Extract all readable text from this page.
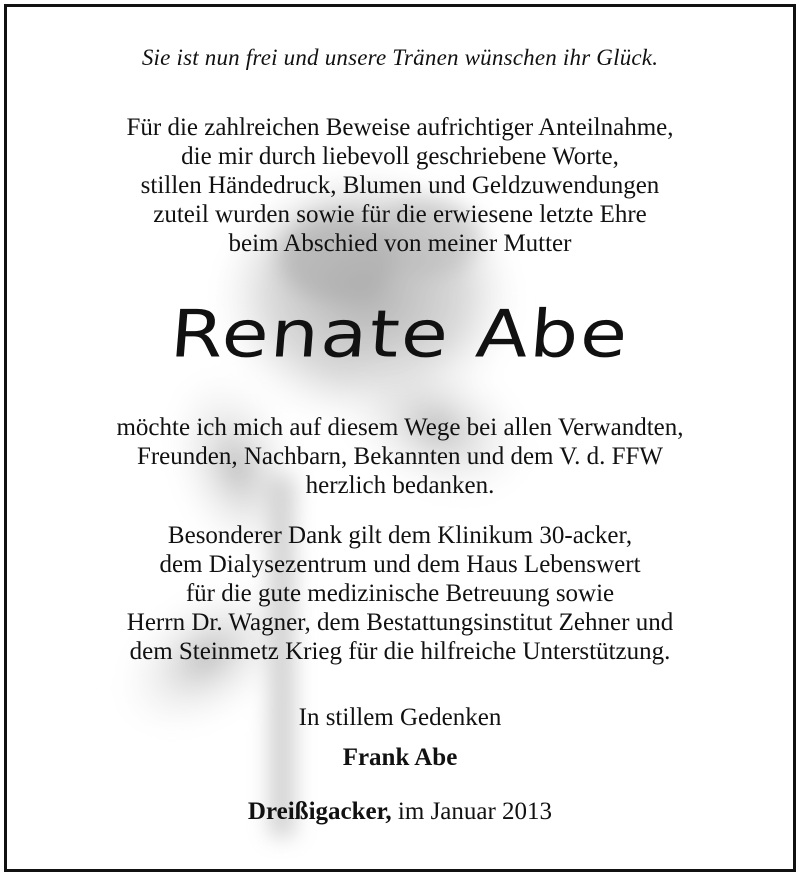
Sie ist nun frei und unsere Tränen wünschen ihr Glück.
Für die zahlreichen Beweise aufrichtiger Anteilnahme,
die mir durch liebevoll geschriebene Worte,
stillen Händedruck, Blumen und Geldzuwendungen
zuteil wurden sowie für die erwiesene letzte Ehre
beim Abschied von meiner Mutter
Renate Abe
möchte ich mich auf diesem Wege bei allen Verwandten,
Freunden, Nachbarn, Bekannten und dem V. d. FFW
herzlich bedanken.
Besonderer Dank gilt dem Klinikum 30-acker,
dem Dialysezentrum und dem Haus Lebenswert
für die gute medizinische Betreuung sowie
Herrn Dr. Wagner, dem Bestattungsinstitut Zehner und
dem Steinmetz Krieg für die hilfreiche Unterstützung.
In stillem Gedenken
Frank Abe
Dreißigacker, im Januar 2013
